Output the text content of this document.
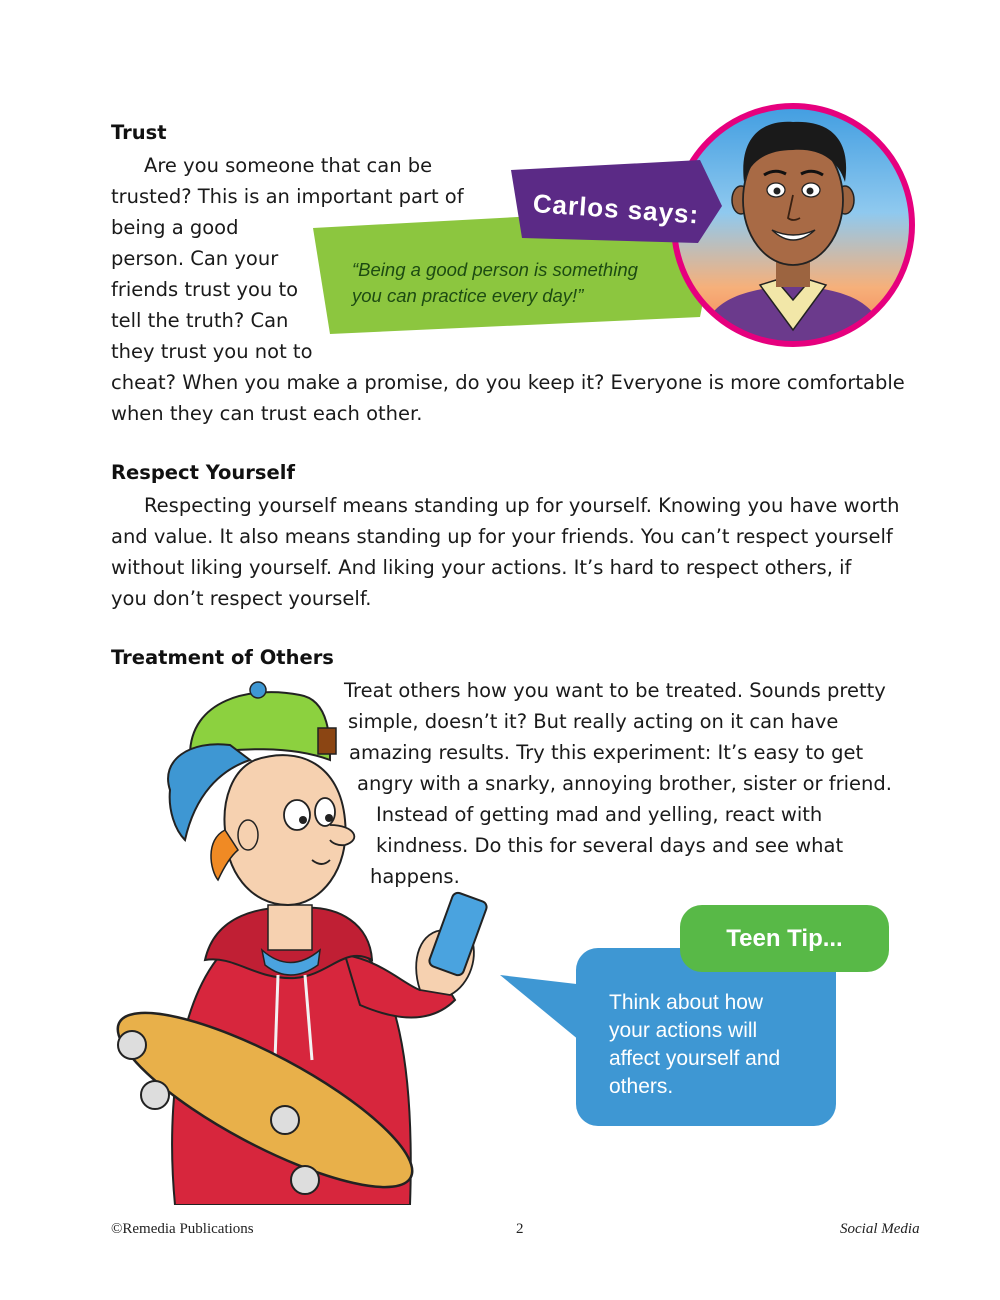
Trust
Are you someone that can be
trusted? This is an important part of
being a good
person. Can your
friends trust you to
tell the truth? Can
they trust you not to
cheat? When you make a promise, do you keep it? Everyone is more comfortable
when they can trust each other.
Carlos says:
“Being a good person is something
you can practice every day!”
Respect Yourself
Respecting yourself means standing up for yourself. Knowing you have worth
and value. It also means standing up for your friends. You can’t respect yourself
without liking yourself. And liking your actions. It’s hard to respect others, if
you don’t respect yourself.
Treatment of Others
Treat others how you want to be treated. Sounds pretty
simple, doesn’t it? But really acting on it can have
amazing results. Try this experiment: It’s easy to get
angry with a snarky, annoying brother, sister or friend.
Instead of getting mad and yelling, react with
kindness. Do this for several days and see what
happens.
Teen Tip...
Think about how
your actions will
affect yourself and
others.
©Remedia Publications	2	Social Media
